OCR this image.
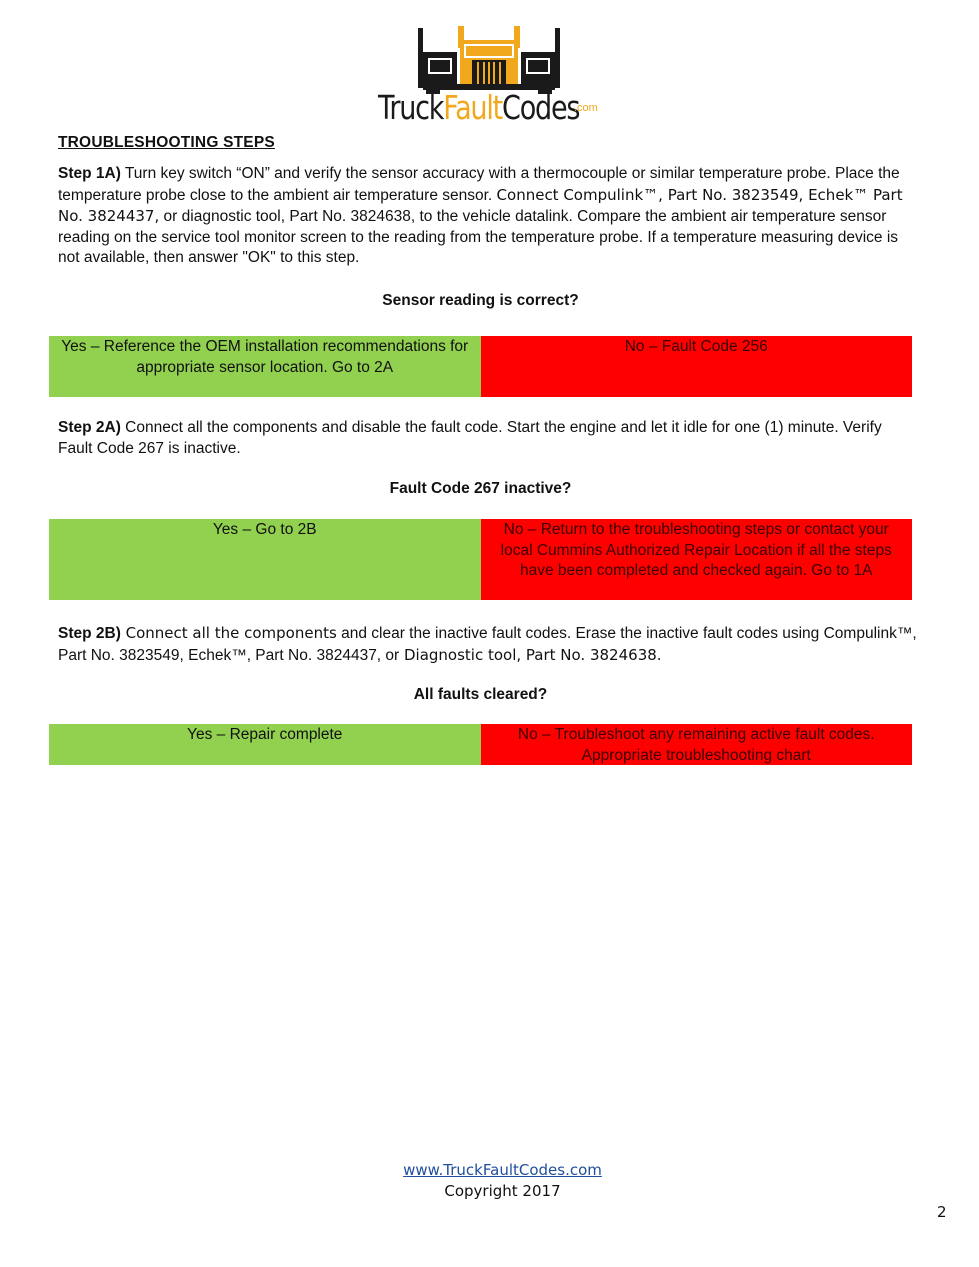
TruckFaultCodes
.com
TROUBLESHOOTING STEPS
Step 1A) Turn key switch “ON” and verify the sensor accuracy with a thermocouple or similar temperature probe. Place the temperature probe close to the ambient air temperature sensor. Connect Compulink™, Part No. 3823549, Echek™ Part No. 3824437, or diagnostic tool, Part No. 3824638, to the vehicle datalink. Compare the ambient air temperature sensor reading on the service tool monitor screen to the reading from the temperature probe. If a temperature measuring device is not available, then answer "OK" to this step.
Sensor reading is correct?
Yes – Reference the OEM installation recommendations for appropriate sensor location. Go to 2A
No – Fault Code 256
Step 2A) Connect all the components and disable the fault code. Start the engine and let it idle for one (1) minute. Verify Fault Code 267 is inactive.
Fault Code 267 inactive?
Yes – Go to 2B	No – Return to the troubleshooting steps or contact your local Cummins Authorized Repair Location if all the steps have been completed and checked again. Go to 1A
Step 2B) Connect all the components and clear the inactive fault codes. Erase the inactive fault codes using Compulink™, Part No. 3823549, Echek™, Part No. 3824437, or Diagnostic tool, Part No. 3824638.
All faults cleared?
Yes – Repair complete	No – Troubleshoot any remaining active fault codes. Appropriate troubleshooting chart
www.TruckFaultCodes.com
Copyright 2017
2
